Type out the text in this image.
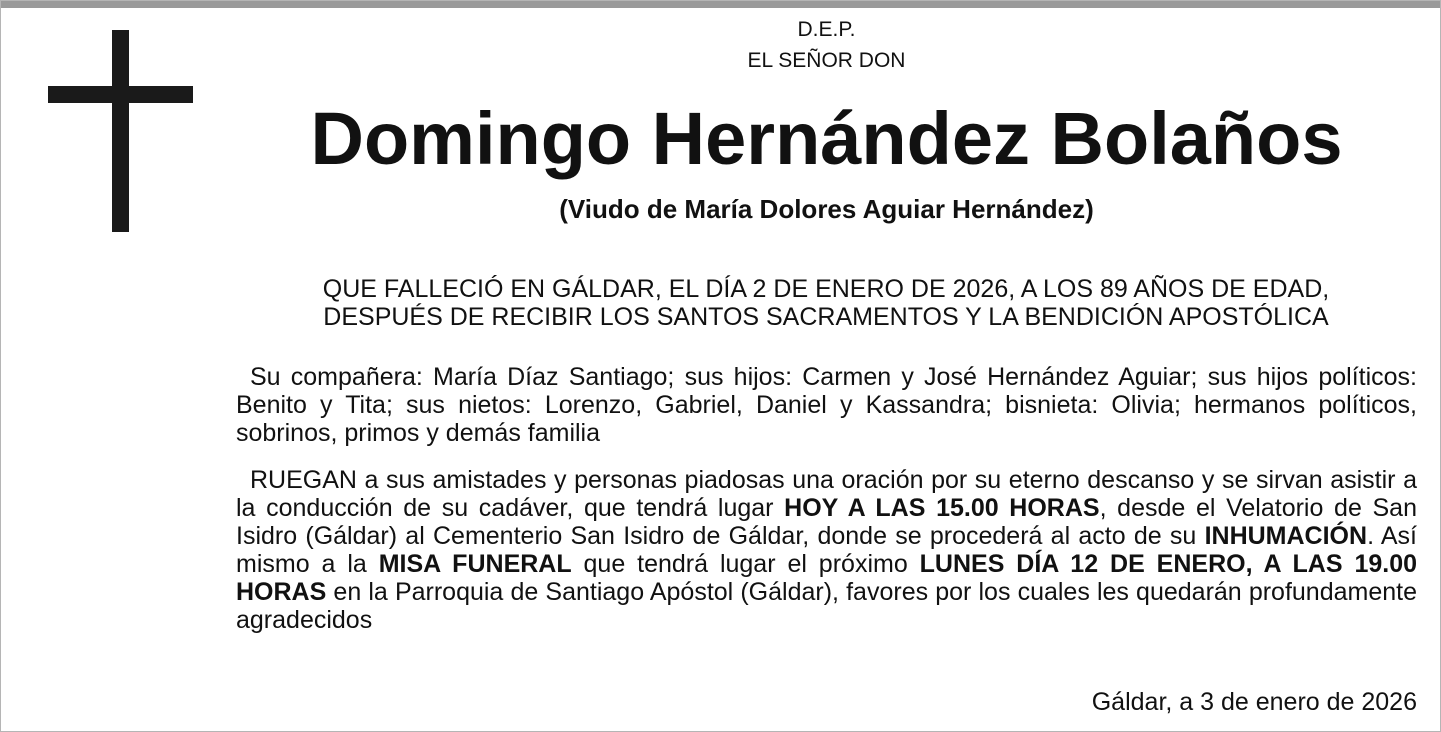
D.E.P.
EL SEÑOR DON
Domingo Hernández Bolaños
(Viudo de María Dolores Aguiar Hernández)
QUE FALLECIÓ EN GÁLDAR, EL DÍA 2 DE ENERO DE 2026, A LOS 89 AÑOS DE EDAD,
DESPUÉS DE RECIBIR LOS SANTOS SACRAMENTOS Y LA BENDICIÓN APOSTÓLICA
Su compañera: María Díaz Santiago; sus hijos: Carmen y José Hernández Aguiar; sus hijos políticos: Benito y Tita; sus nietos: Lorenzo, Gabriel, Daniel y Kassandra; bisnieta: Olivia; hermanos políticos, sobrinos, primos y demás familia
RUEGAN a sus amistades y personas piadosas una oración por su eterno descanso y se sirvan asistir a la conducción de su cadáver, que tendrá lugar HOY A LAS 15.00 HORAS, desde el Velatorio de San Isidro (Gáldar) al Cementerio San Isidro de Gáldar, donde se procederá al acto de su INHUMACIÓN. Así mismo a la MISA FUNERAL que tendrá lugar el próximo LUNES DÍA 12 DE ENERO, A LAS 19.00 HORAS en la Parroquia de Santiago Apóstol (Gáldar), favores por los cuales les quedarán profundamente agradecidos
Gáldar, a 3 de enero de 2026
